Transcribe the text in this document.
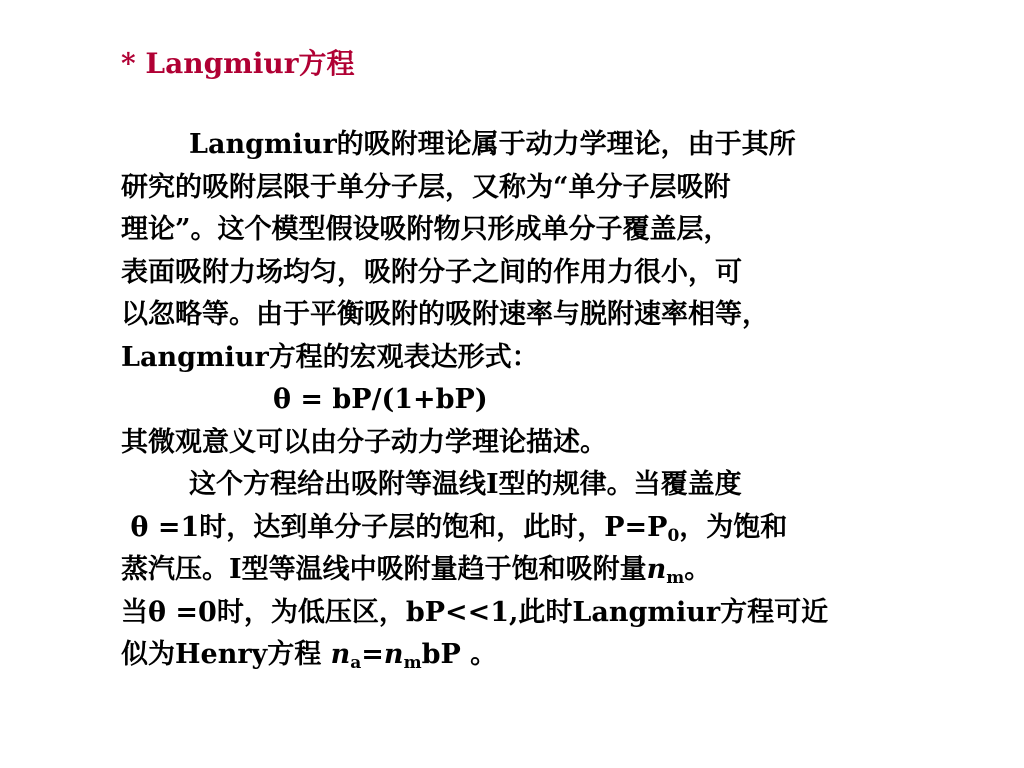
* Langmiur方程
Langmiur的吸附理论属于动力学理论，由于其所
研究的吸附层限于单分子层，又称为“单分子层吸附
理论”。这个模型假设吸附物只形成单分子覆盖层，
表面吸附力场均匀，吸附分子之间的作用力很小，可
以忽略等。由于平衡吸附的吸附速率与脱附速率相等，
Langmiur方程的宏观表达形式：
θ = bP/(1+bP)
其微观意义可以由分子动力学理论描述。
这个方程给出吸附等温线I型的规律。当覆盖度
θ =1时，达到单分子层的饱和，此时，$P=P_0$，为饱和
蒸汽压。I型等温线中吸附量趋于饱和吸附量$n_m$。
当θ =0时，为低压区，bP<<1,此时Langmiur方程可近
似为Henry方程 $n_a=n_mbP$ 。
